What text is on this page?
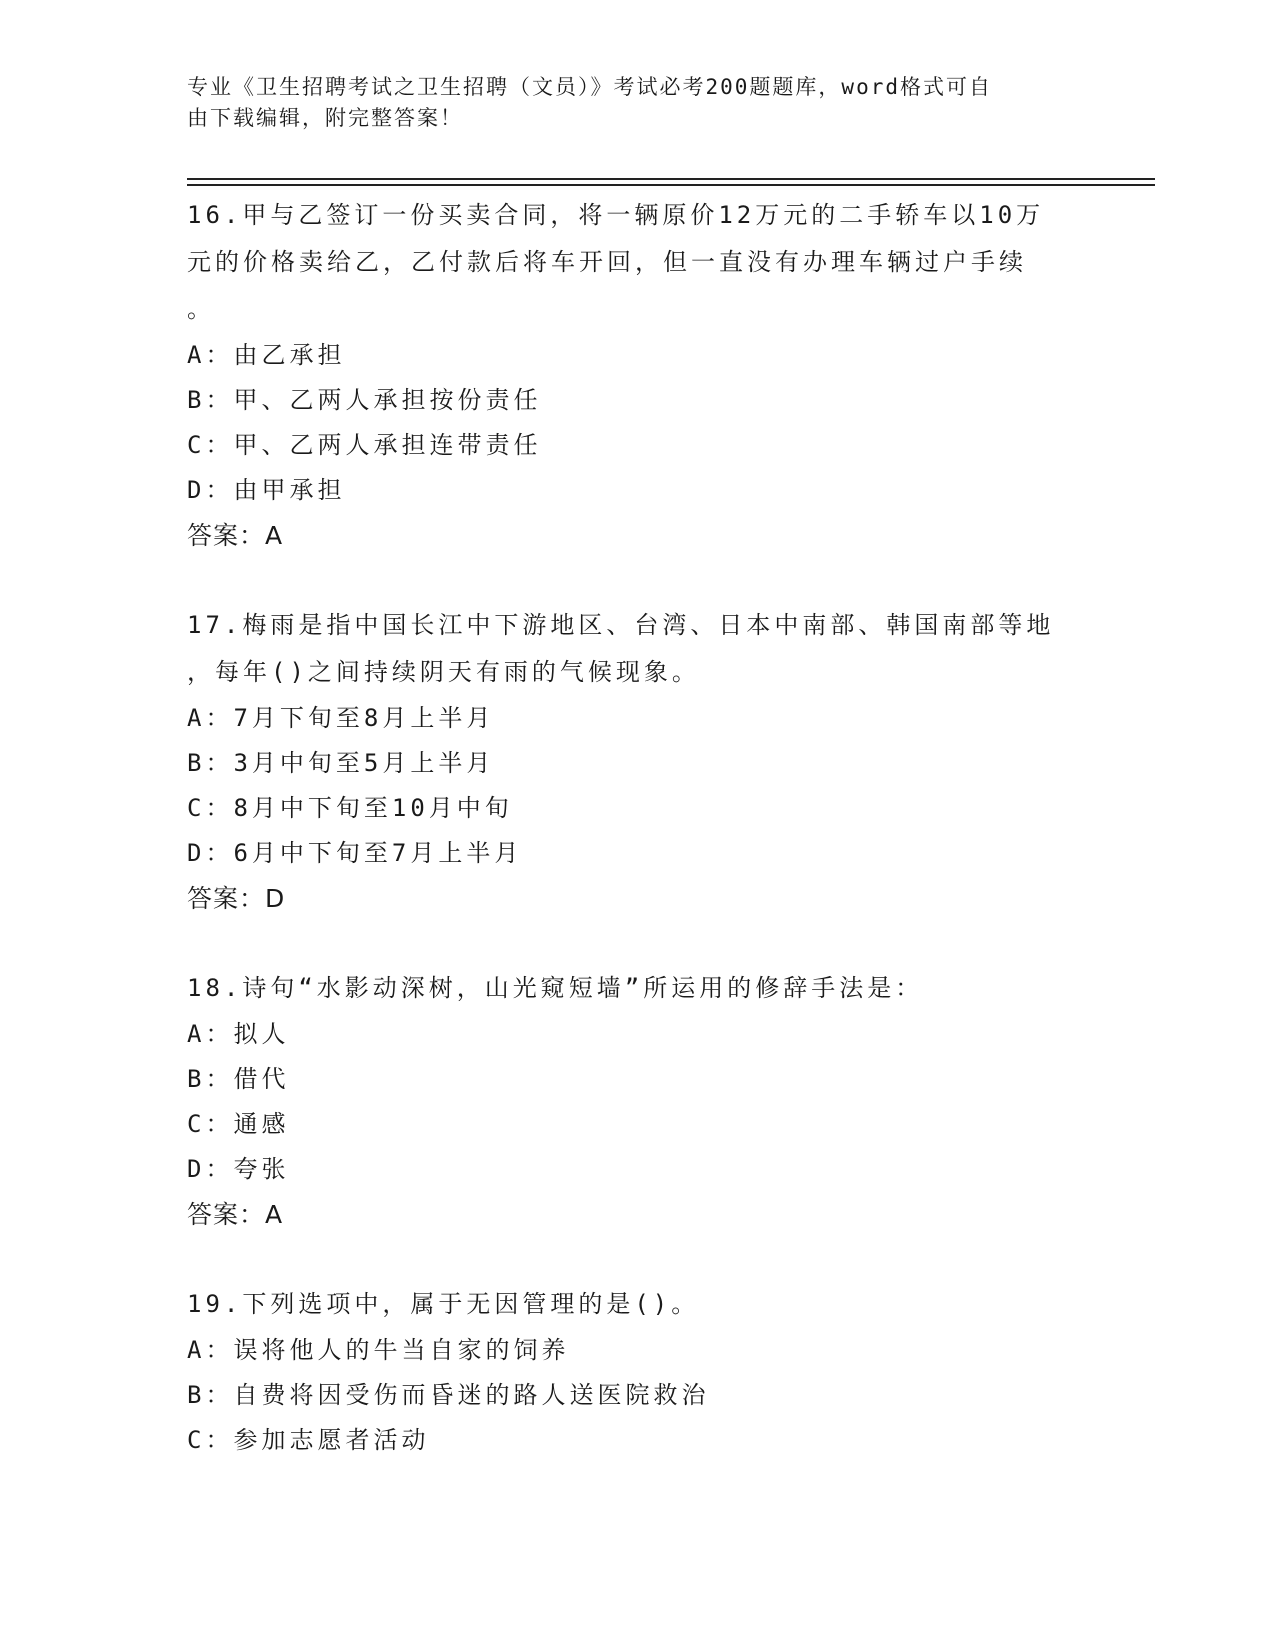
专业《卫生招聘考试之卫生招聘（文员）》考试必考200题题库，word格式可自
由下载编辑，附完整答案！
16.甲与乙签订一份买卖合同，将一辆原价12万元的二手轿车以10万
元的价格卖给乙，乙付款后将车开回，但一直没有办理车辆过户手续
。
A：由乙承担
B：甲、乙两人承担按份责任
C：甲、乙两人承担连带责任
D：由甲承担
答案：A
17.梅雨是指中国长江中下游地区、台湾、日本中南部、韩国南部等地
，每年()之间持续阴天有雨的气候现象。
A：7月下旬至8月上半月
B：3月中旬至5月上半月
C：8月中下旬至10月中旬
D：6月中下旬至7月上半月
答案：D
18.诗句“水影动深树，山光窥短墙”所运用的修辞手法是：
A：拟人
B：借代
C：通感
D：夸张
答案：A
19.下列选项中，属于无因管理的是()。
A：误将他人的牛当自家的饲养
B：自费将因受伤而昏迷的路人送医院救治
C：参加志愿者活动
